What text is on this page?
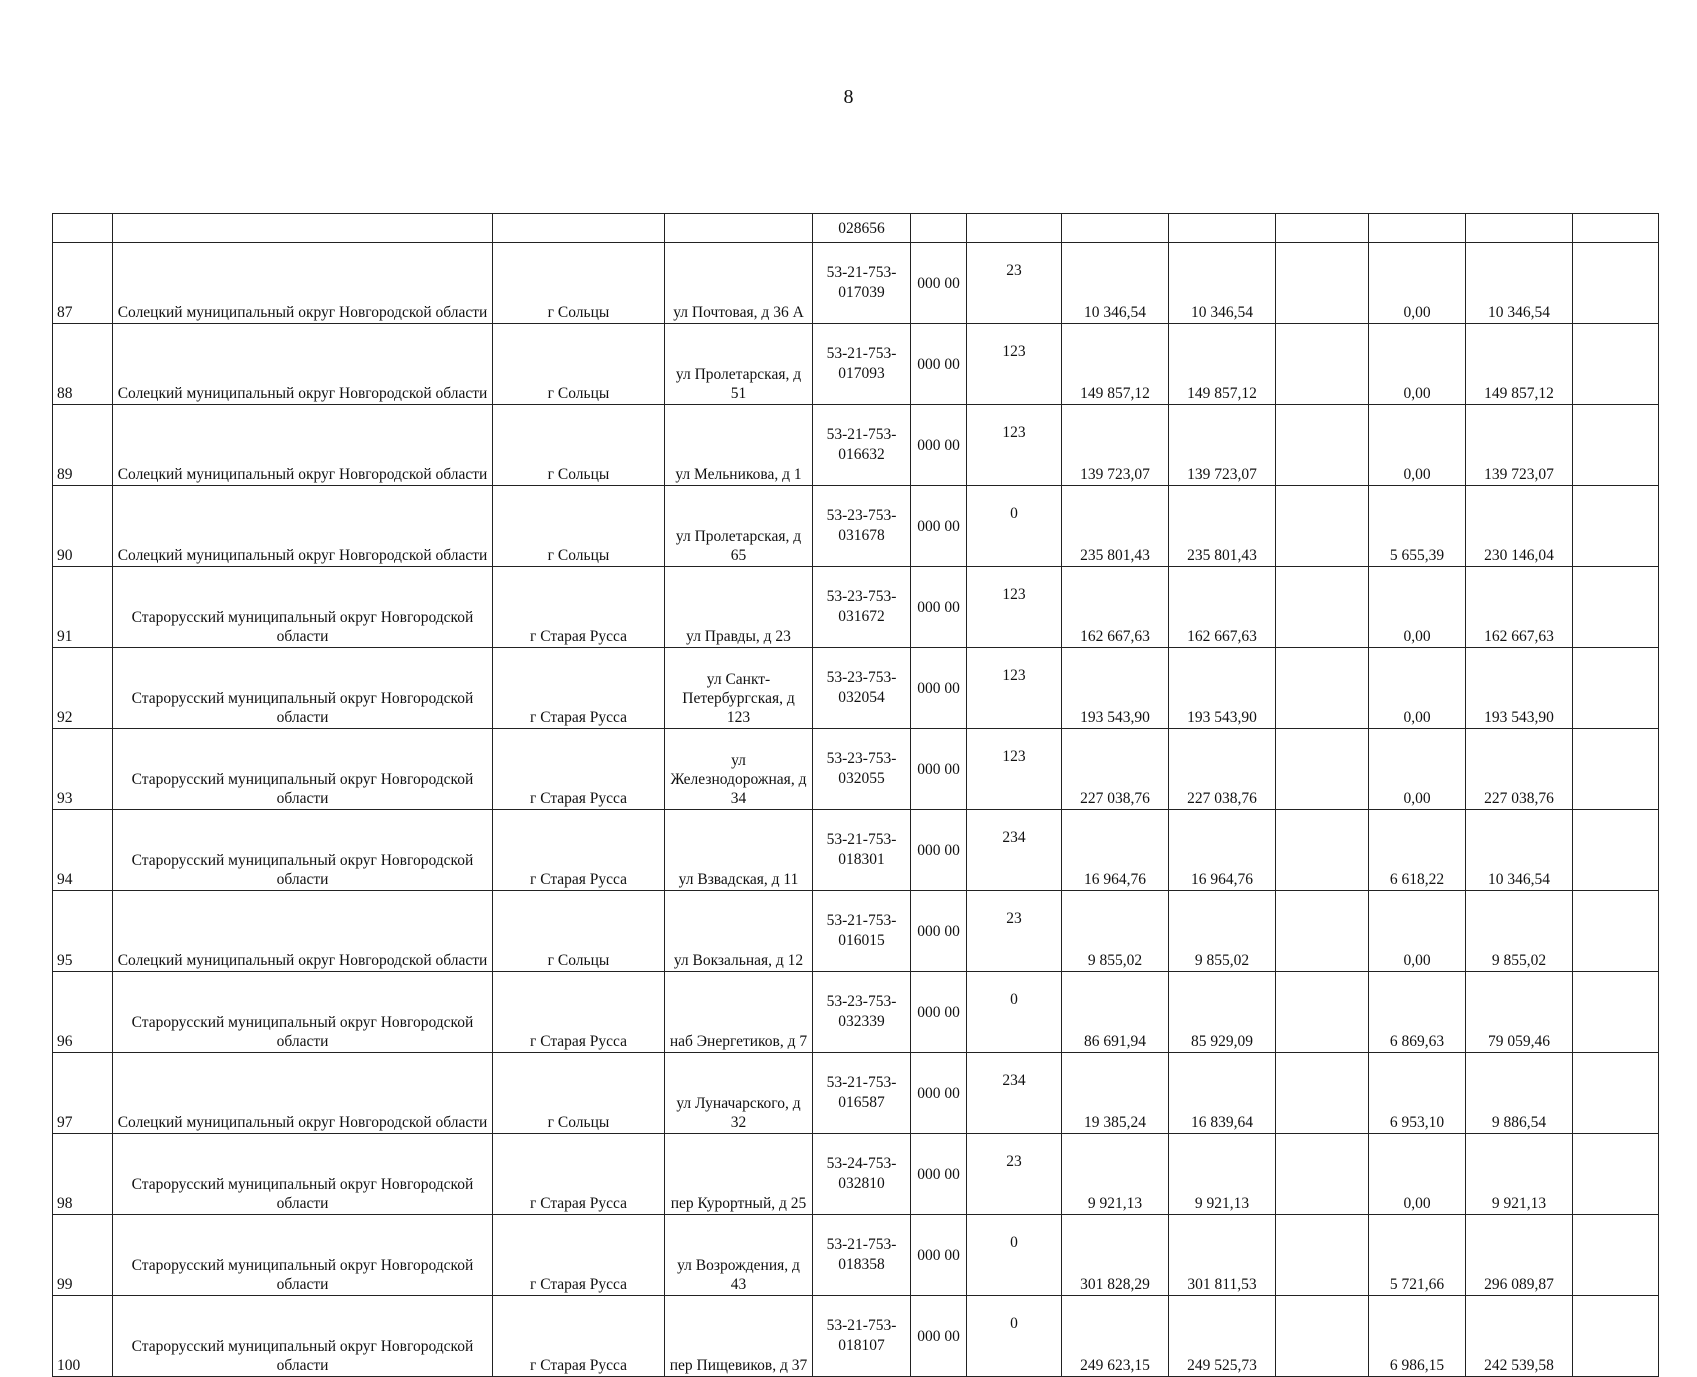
8
				028656								
87	Солецкий муниципальный округ Новгородской области	г Сольцы	ул Почтовая, д 36 А	53-21-753-017039	000 00	23	10 346,54	10 346,54		0,00	10 346,54	
88	Солецкий муниципальный округ Новгородской области	г Сольцы	ул Пролетарская, д 51	53-21-753-017093	000 00	123	149 857,12	149 857,12		0,00	149 857,12	
89	Солецкий муниципальный округ Новгородской области	г Сольцы	ул Мельникова, д 1	53-21-753-016632	000 00	123	139 723,07	139 723,07		0,00	139 723,07	
90	Солецкий муниципальный округ Новгородской области	г Сольцы	ул Пролетарская, д 65	53-23-753-031678	000 00	0	235 801,43	235 801,43		5 655,39	230 146,04	
91	Старорусский муниципальный округ Новгородской области	г Старая Русса	ул Правды, д 23	53-23-753-031672	000 00	123	162 667,63	162 667,63		0,00	162 667,63	
92	Старорусский муниципальный округ Новгородской области	г Старая Русса	ул Санкт-Петербургская, д 123	53-23-753-032054	000 00	123	193 543,90	193 543,90		0,00	193 543,90	
93	Старорусский муниципальный округ Новгородской области	г Старая Русса	ул Железнодорожная, д 34	53-23-753-032055	000 00	123	227 038,76	227 038,76		0,00	227 038,76	
94	Старорусский муниципальный округ Новгородской области	г Старая Русса	ул Взвадская, д 11	53-21-753-018301	000 00	234	16 964,76	16 964,76		6 618,22	10 346,54	
95	Солецкий муниципальный округ Новгородской области	г Сольцы	ул Вокзальная, д 12	53-21-753-016015	000 00	23	9 855,02	9 855,02		0,00	9 855,02	
96	Старорусский муниципальный округ Новгородской области	г Старая Русса	наб Энергетиков, д 7	53-23-753-032339	000 00	0	86 691,94	85 929,09		6 869,63	79 059,46	
97	Солецкий муниципальный округ Новгородской области	г Сольцы	ул Луначарского, д 32	53-21-753-016587	000 00	234	19 385,24	16 839,64		6 953,10	9 886,54	
98	Старорусский муниципальный округ Новгородской области	г Старая Русса	пер Курортный, д 25	53-24-753-032810	000 00	23	9 921,13	9 921,13		0,00	9 921,13	
99	Старорусский муниципальный округ Новгородской области	г Старая Русса	ул Возрождения, д 43	53-21-753-018358	000 00	0	301 828,29	301 811,53		5 721,66	296 089,87	
100	Старорусский муниципальный округ Новгородской области	г Старая Русса	пер Пищевиков, д 37	53-21-753-018107	000 00	0	249 623,15	249 525,73		6 986,15	242 539,58	
